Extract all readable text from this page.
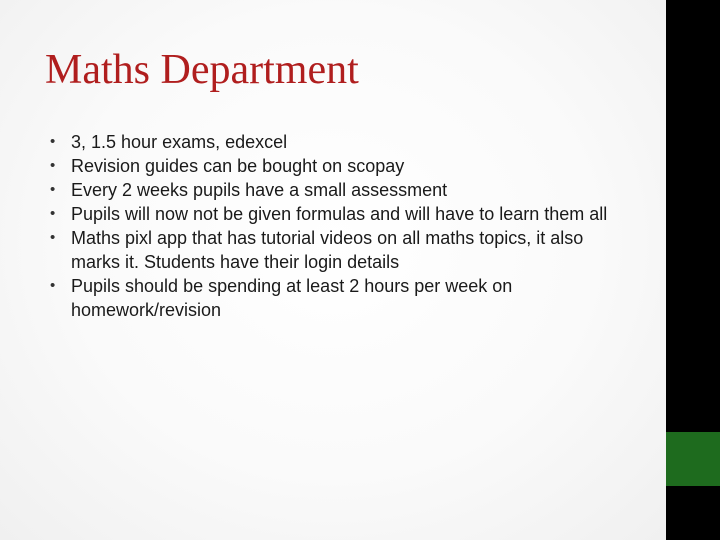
Maths Department
• 3, 1.5 hour exams, edexcel
• Revision guides can be bought on scopay
• Every 2 weeks pupils have a small assessment
• Pupils will now not be given formulas and will have to learn them all
• Maths pixl app that has tutorial videos on all maths topics, it also marks it. Students have their login details
• Pupils should be spending at least 2 hours per week on homework/revision
